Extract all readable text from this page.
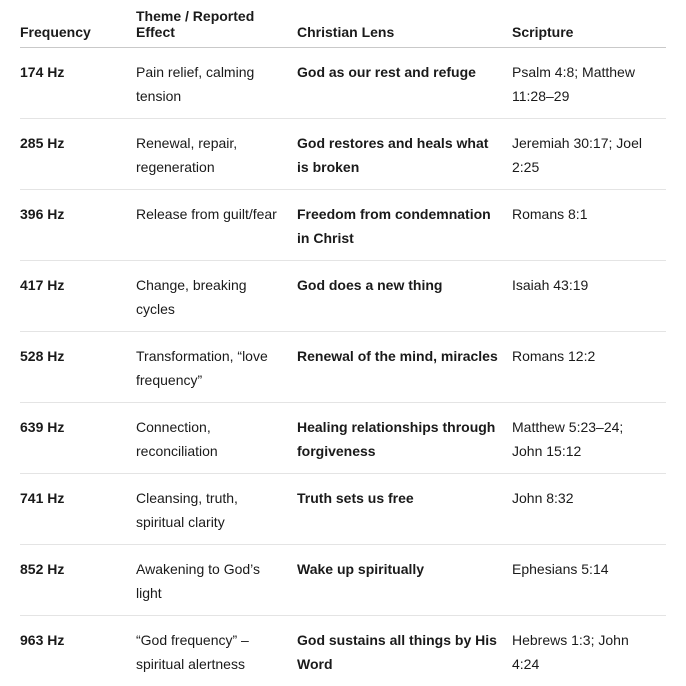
Frequency	Theme / Reported Effect	Christian Lens	Scripture
174 Hz	Pain relief, calming tension	God as our rest and refuge	Psalm 4:8; Matthew 11:28–29
285 Hz	Renewal, repair, regeneration	God restores and heals what is broken	Jeremiah 30:17; Joel 2:25
396 Hz	Release from guilt/fear	Freedom from condemnation in Christ	Romans 8:1
417 Hz	Change, breaking cycles	God does a new thing	Isaiah 43:19
528 Hz	Transformation, “love frequency”	Renewal of the mind, miracles	Romans 12:2
639 Hz	Connection, reconciliation	Healing relationships through forgiveness	Matthew 5:23–24; John 15:12
741 Hz	Cleansing, truth, spiritual clarity	Truth sets us free	John 8:32
852 Hz	Awakening to God’s light	Wake up spiritually	Ephesians 5:14
963 Hz	“God frequency” – spiritual alertness	God sustains all things by His Word	Hebrews 1:3; John 4:24
